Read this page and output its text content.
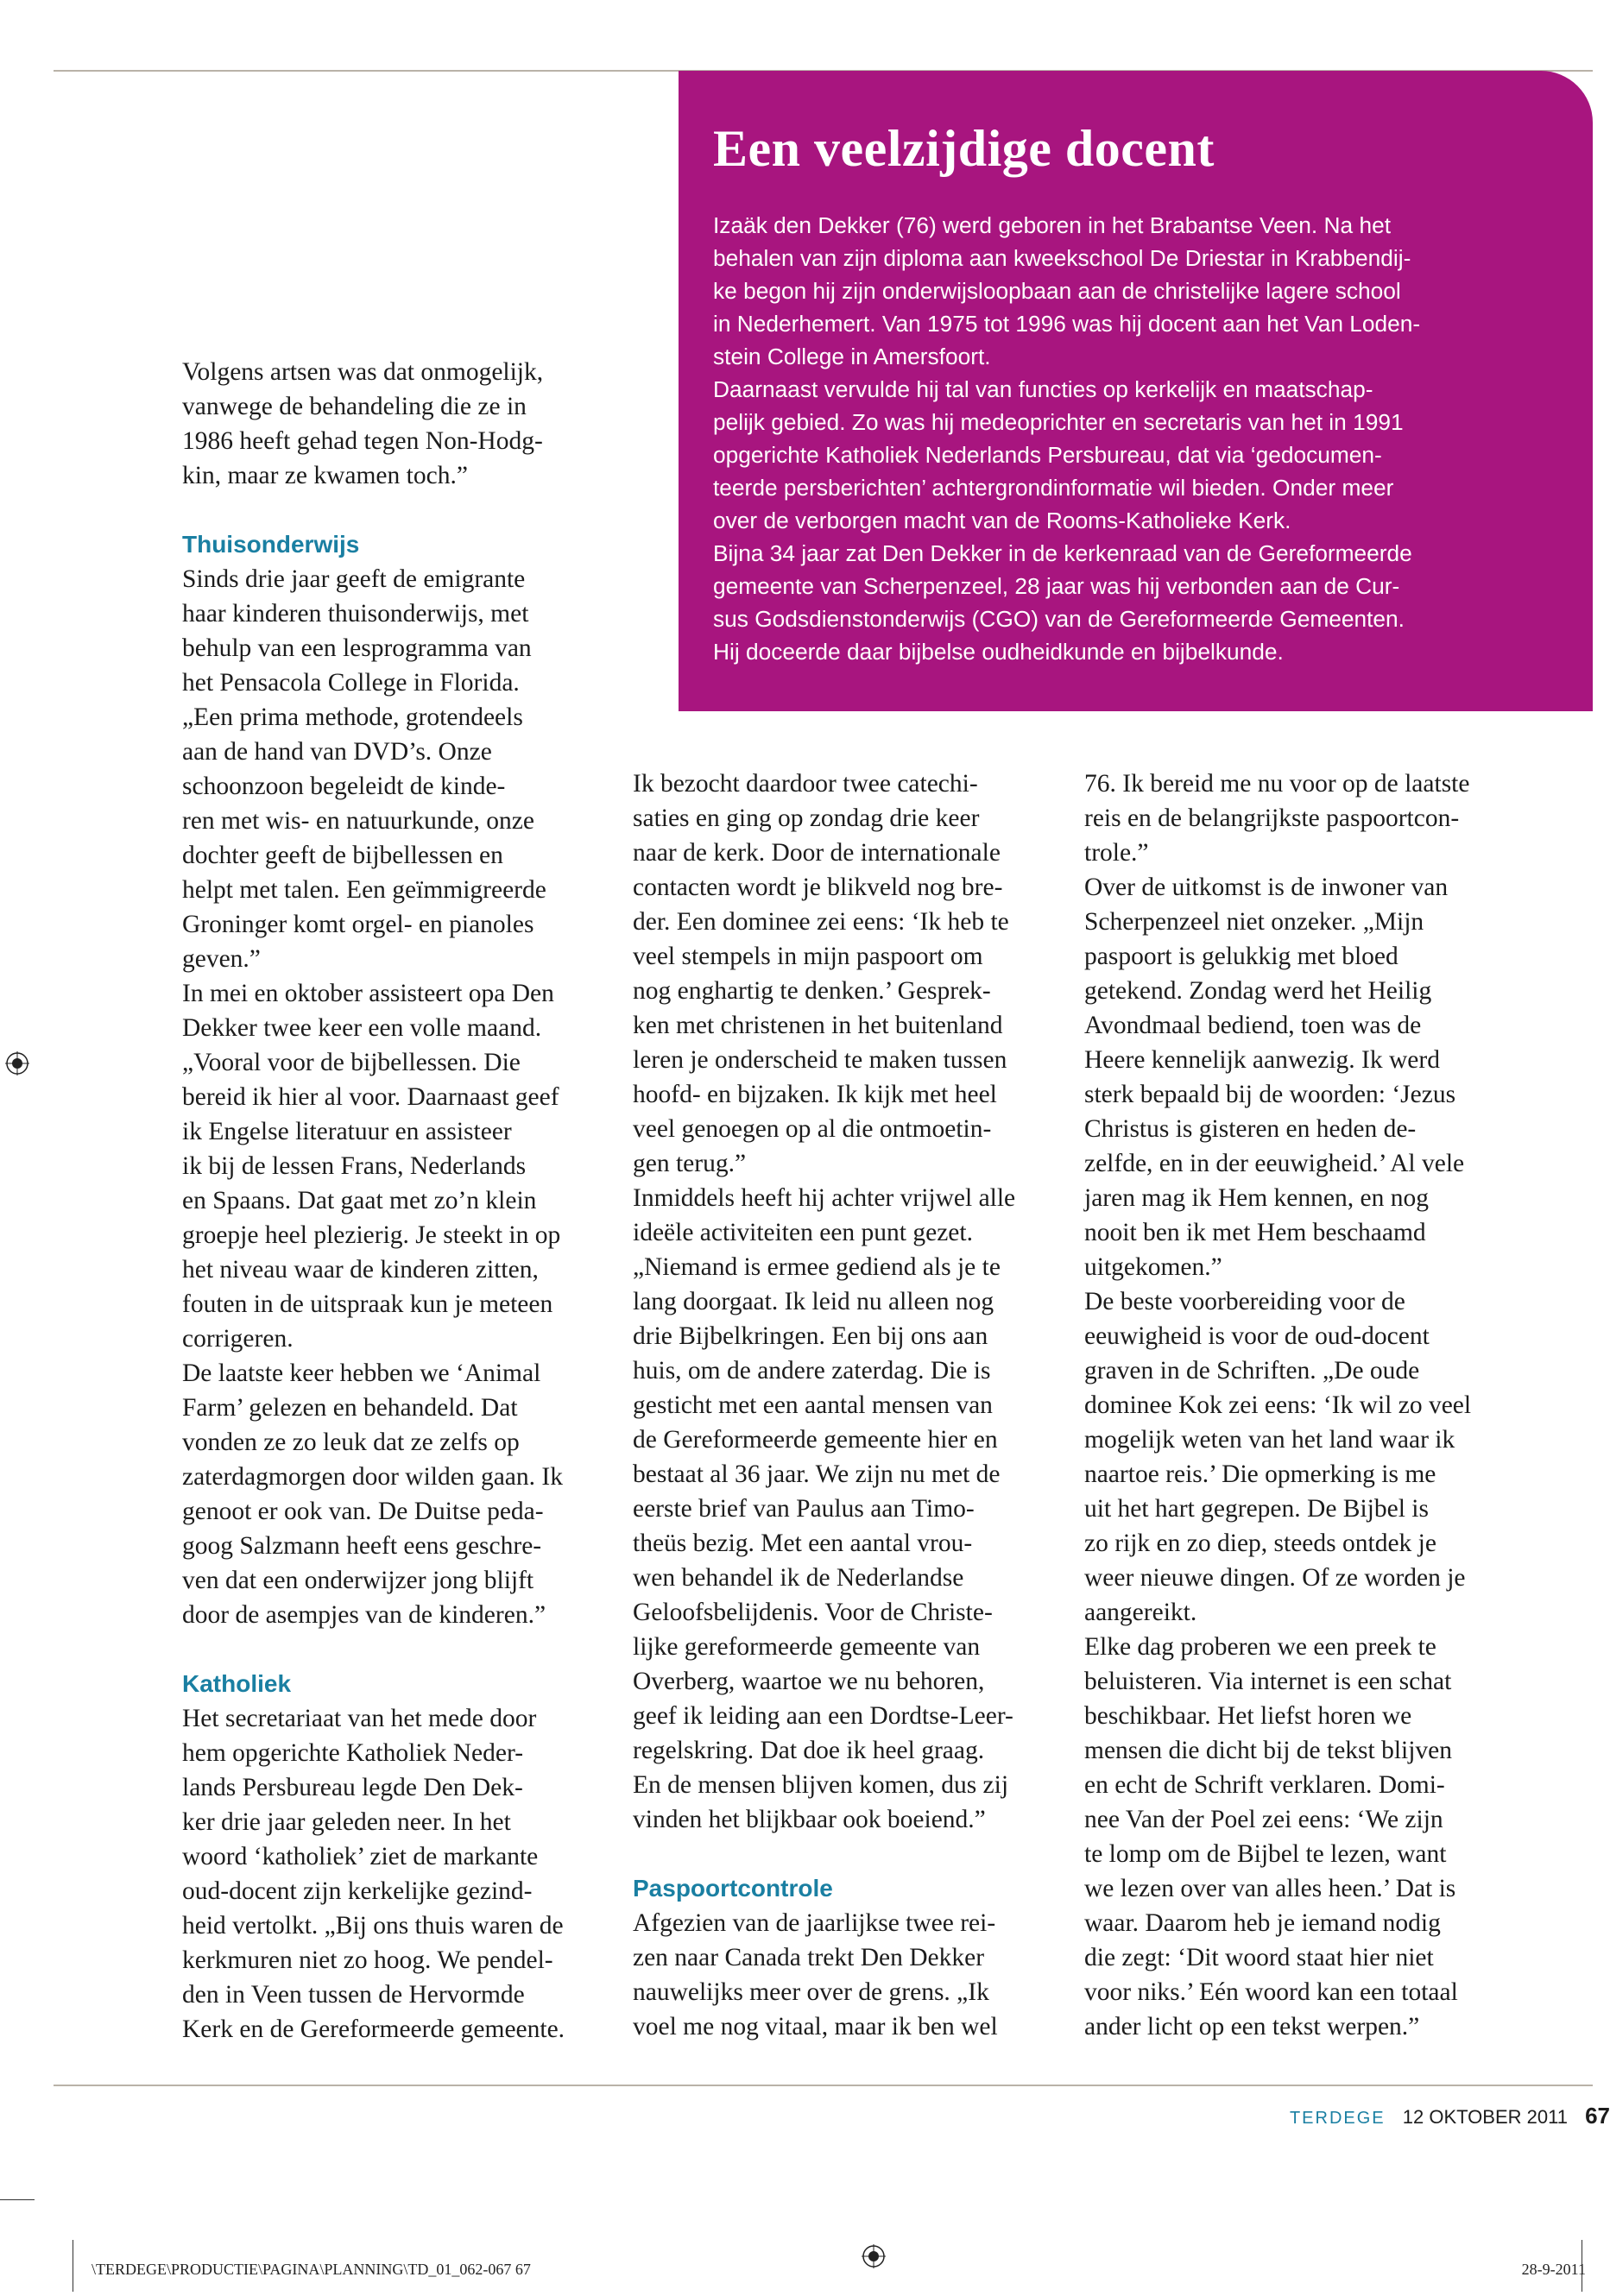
Een veelzijdige docent
Izaäk den Dekker (76) werd geboren in het Brabantse Veen. Na het
behalen van zijn diploma aan kweekschool De Driestar in Krabbendij-
ke begon hij zijn onderwijsloopbaan aan de christelijke lagere school
in Nederhemert. Van 1975 tot 1996 was hij docent aan het Van Loden-
stein College in Amersfoort.
Daarnaast vervulde hij tal van functies op kerkelijk en maatschap-
pelijk gebied. Zo was hij medeoprichter en secretaris van het in 1991
opgerichte Katholiek Nederlands Persbureau, dat via ‘gedocumen-
teerde persberichten’ achtergrondinformatie wil bieden. Onder meer
over de verborgen macht van de Rooms-Katholieke Kerk.
Bijna 34 jaar zat Den Dekker in de kerkenraad van de Gereformeerde
gemeente van Scherpenzeel, 28 jaar was hij verbonden aan de Cur-
sus Godsdienstonderwijs (CGO) van de Gereformeerde Gemeenten.
Hij doceerde daar bijbelse oudheidkunde en bijbelkunde.
Volgens artsen was dat onmogelijk,
vanwege de behandeling die ze in
1986 heeft gehad tegen Non-Hodg-
kin, maar ze kwamen toch.”
Thuisonderwijs
Sinds drie jaar geeft de emigrante
haar kinderen thuisonderwijs, met
behulp van een lesprogramma van
het Pensacola College in Florida.
„Een prima methode, grotendeels
aan de hand van DVD’s. Onze
schoonzoon begeleidt de kinde-
ren met wis- en natuurkunde, onze
dochter geeft de bijbellessen en
helpt met talen. Een geïmmigreerde
Groninger komt orgel- en pianoles
geven.”
In mei en oktober assisteert opa Den
Dekker twee keer een volle maand.
„Vooral voor de bijbellessen. Die
bereid ik hier al voor. Daarnaast geef
ik Engelse literatuur en assisteer
ik bij de lessen Frans, Nederlands
en Spaans. Dat gaat met zo’n klein
groepje heel plezierig. Je steekt in op
het niveau waar de kinderen zitten,
fouten in de uitspraak kun je meteen
corrigeren.
De laatste keer hebben we ‘Animal
Farm’ gelezen en behandeld. Dat
vonden ze zo leuk dat ze zelfs op
zaterdagmorgen door wilden gaan. Ik
genoot er ook van. De Duitse peda-
goog Salzmann heeft eens geschre-
ven dat een onderwijzer jong blijft
door de asempjes van de kinderen.”
Katholiek
Het secretariaat van het mede door
hem opgerichte Katholiek Neder-
lands Persbureau legde Den Dek-
ker drie jaar geleden neer. In het
woord ‘katholiek’ ziet de markante
oud-docent zijn kerkelijke gezind-
heid vertolkt. „Bij ons thuis waren de
kerkmuren niet zo hoog. We pendel-
den in Veen tussen de Hervormde
Kerk en de Gereformeerde gemeente.
Ik bezocht daardoor twee catechi-
saties en ging op zondag drie keer
naar de kerk. Door de internationale
contacten wordt je blikveld nog bre-
der. Een dominee zei eens: ‘Ik heb te
veel stempels in mijn paspoort om
nog enghartig te denken.’ Gesprek-
ken met christenen in het buitenland
leren je onderscheid te maken tussen
hoofd- en bijzaken. Ik kijk met heel
veel genoegen op al die ontmoetin-
gen terug.”
Inmiddels heeft hij achter vrijwel alle
ideële activiteiten een punt gezet.
„Niemand is ermee gediend als je te
lang doorgaat. Ik leid nu alleen nog
drie Bijbelkringen. Een bij ons aan
huis, om de andere zaterdag. Die is
gesticht met een aantal mensen van
de Gereformeerde gemeente hier en
bestaat al 36 jaar. We zijn nu met de
eerste brief van Paulus aan Timo-
theüs bezig. Met een aantal vrou-
wen behandel ik de Nederlandse
Geloofsbelijdenis. Voor de Christe-
lijke gereformeerde gemeente van
Overberg, waartoe we nu behoren,
geef ik leiding aan een Dordtse-Leer-
regelskring. Dat doe ik heel graag.
En de mensen blijven komen, dus zij
vinden het blijkbaar ook boeiend.”
Paspoortcontrole
Afgezien van de jaarlijkse twee rei-
zen naar Canada trekt Den Dekker
nauwelijks meer over de grens. „Ik
voel me nog vitaal, maar ik ben wel
76. Ik bereid me nu voor op de laatste
reis en de belangrijkste paspoortcon-
trole.”
Over de uitkomst is de inwoner van
Scherpenzeel niet onzeker. „Mijn
paspoort is gelukkig met bloed
getekend. Zondag werd het Heilig
Avondmaal bediend, toen was de
Heere kennelijk aanwezig. Ik werd
sterk bepaald bij de woorden: ‘Jezus
Christus is gisteren en heden de-
zelfde, en in der eeuwigheid.’ Al vele
jaren mag ik Hem kennen, en nog
nooit ben ik met Hem beschaamd
uitgekomen.”
De beste voorbereiding voor de
eeuwigheid is voor de oud-docent
graven in de Schriften. „De oude
dominee Kok zei eens: ‘Ik wil zo veel
mogelijk weten van het land waar ik
naartoe reis.’ Die opmerking is me
uit het hart gegrepen. De Bijbel is
zo rijk en zo diep, steeds ontdek je
weer nieuwe dingen. Of ze worden je
aangereikt.
Elke dag proberen we een preek te
beluisteren. Via internet is een schat
beschikbaar. Het liefst horen we
mensen die dicht bij de tekst blijven
en echt de Schrift verklaren. Domi-
nee Van der Poel zei eens: ‘We zijn
te lomp om de Bijbel te lezen, want
we lezen over van alles heen.’ Dat is
waar. Daarom heb je iemand nodig
die zegt: ‘Dit woord staat hier niet
voor niks.’ Eén woord kan een totaal
ander licht op een tekst werpen.”
TERDEGE 12 OKTOBER 2011 67
\TERDEGE\PRODUCTIE\PAGINA\PLANNING\TD_01_062-067 67	28-9-2011
